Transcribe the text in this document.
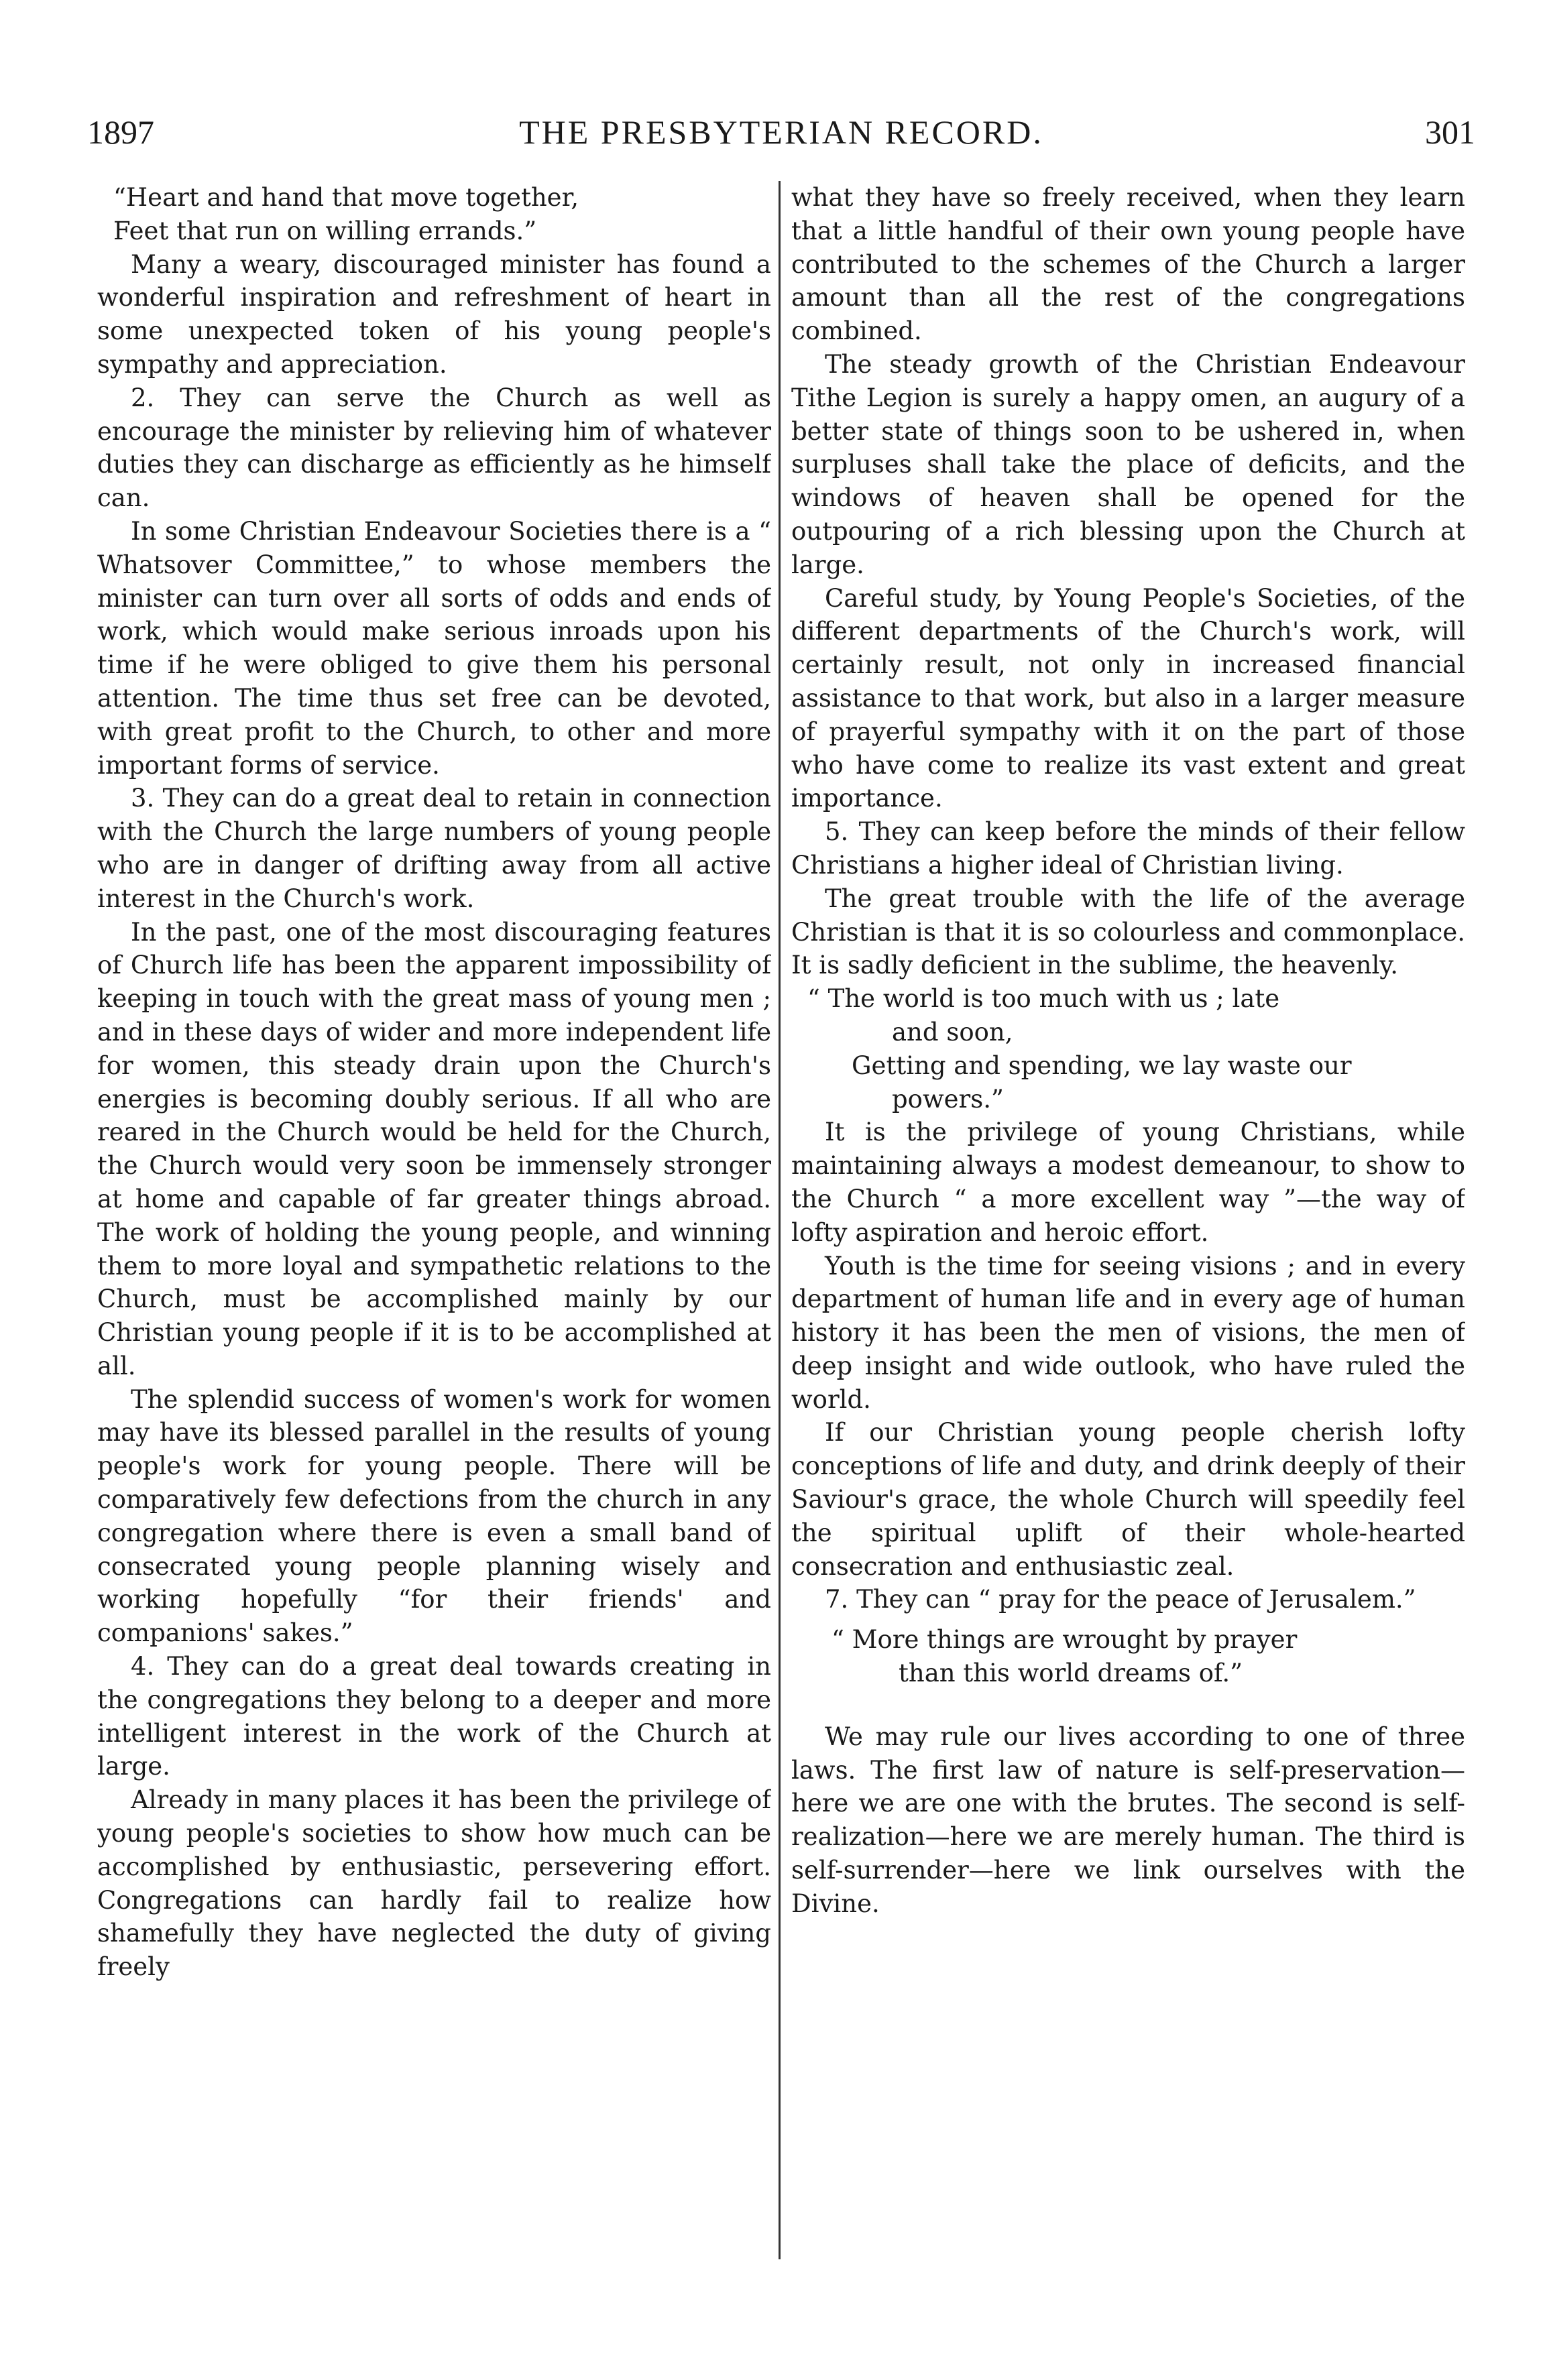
1897	THE PRESBYTERIAN RECORD.	301
“Heart and hand that move together,
Feet that run on willing errands.”

Many a weary, discouraged minister has found a wonderful inspiration and refreshment of heart in some unexpected token of his young people's sympathy and appreciation.

2. They can serve the Church as well as encourage the minister by relieving him of whatever duties they can discharge as efficiently as he himself can.

In some Christian Endeavour Societies there is a “ Whatsover Committee,” to whose members the minister can turn over all sorts of odds and ends of work, which would make serious inroads upon his time if he were obliged to give them his personal attention. The time thus set free can be devoted, with great profit to the Church, to other and more important forms of service.

3. They can do a great deal to retain in connection with the Church the large numbers of young people who are in danger of drifting away from all active interest in the Church's work.

In the past, one of the most discouraging features of Church life has been the apparent impossibility of keeping in touch with the great mass of young men ; and in these days of wider and more independent life for women, this steady drain upon the Church's energies is becoming doubly serious. If all who are reared in the Church would be held for the Church, the Church would very soon be immensely stronger at home and capable of far greater things abroad. The work of holding the young people, and winning them to more loyal and sympathetic relations to the Church, must be accomplished mainly by our Christian young people if it is to be accomplished at all.

The splendid success of women's work for women may have its blessed parallel in the results of young people's work for young people. There will be comparatively few defections from the church in any congregation where there is even a small band of consecrated young people planning wisely and working hopefully “for their friends' and companions' sakes.”

4. They can do a great deal towards creating in the congregations they belong to a deeper and more intelligent interest in the work of the Church at large.

Already in many places it has been the privilege of young people's societies to show how much can be accomplished by enthusiastic, persevering effort. Congregations can hardly fail to realize how shamefully they have neglected the duty of giving freely

what they have so freely received, when they learn that a little handful of their own young people have contributed to the schemes of the Church a larger amount than all the rest of the congregations combined.

The steady growth of the Christian Endeavour Tithe Legion is surely a happy omen, an augury of a better state of things soon to be ushered in, when surpluses shall take the place of deficits, and the windows of heaven shall be opened for the outpouring of a rich blessing upon the Church at large.

Careful study, by Young People's Societies, of the different departments of the Church's work, will certainly result, not only in increased financial assistance to that work, but also in a larger measure of prayerful sympathy with it on the part of those who have come to realize its vast extent and great importance.

5. They can keep before the minds of their fellow Christians a higher ideal of Christian living.

The great trouble with the life of the average Christian is that it is so colourless and commonplace. It is sadly deficient in the sublime, the heavenly.

“ The world is too much with us ; late
and soon,
Getting and spending, we lay waste our
powers.”

It is the privilege of young Christians, while maintaining always a modest demeanour, to show to the Church “ a more excellent way ”—the way of lofty aspiration and heroic effort.

Youth is the time for seeing visions ; and in every department of human life and in every age of human history it has been the men of visions, the men of deep insight and wide outlook, who have ruled the world.

If our Christian young people cherish lofty conceptions of life and duty, and drink deeply of their Saviour's grace, the whole Church will speedily feel the spiritual uplift of their whole-hearted consecration and enthusiastic zeal.

7. They can “ pray for the peace of Jerusalem.”

“ More things are wrought by prayer
than this world dreams of.”

We may rule our lives according to one of three laws. The first law of nature is self-preservation—here we are one with the brutes. The second is self-realization—here we are merely human. The third is self-surrender—here we link ourselves with the Divine.
